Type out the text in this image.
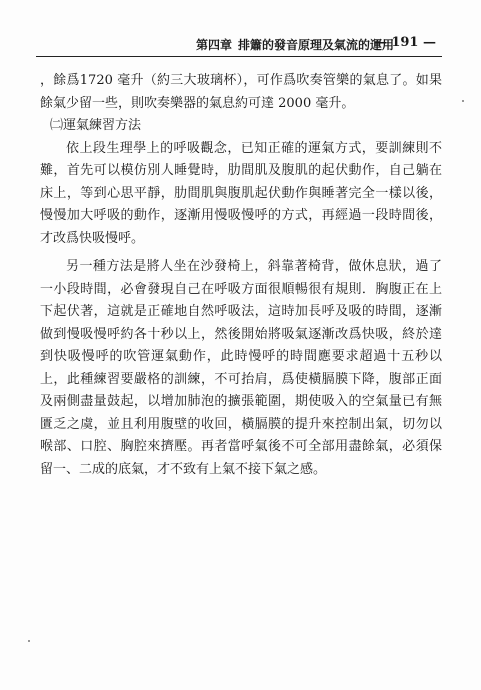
第四章 排簫的發音原理及氣流的運用
— 191 —

，餘爲1720 毫升（約三大玻璃杯），可作爲吹奏管樂的氣息了。如果餘氣少留一些，則吹奏樂器的氣息約可達 2000 毫升。

㈡運氣練習方法

依上段生理學上的呼吸觀念，已知正確的運氣方式，要訓練則不難，首先可以模仿別人睡覺時，肋間肌及腹肌的起伏動作，自己躺在床上，等到心思平靜，肋間肌與腹肌起伏動作與睡著完全一樣以後，慢慢加大呼吸的動作，逐漸用慢吸慢呼的方式，再經過一段時間後，才改爲快吸慢呼。

另一種方法是將人坐在沙發椅上，斜靠著椅背，做休息狀，過了一小段時間，必會發現自己在呼吸方面很順暢很有規則．胸腹正在上下起伏著，這就是正確地自然呼吸法，這時加長呼及吸的時間，逐漸做到慢吸慢呼約各十秒以上，然後開始將吸氣逐漸改爲快吸，終於達到快吸慢呼的吹管運氣動作，此時慢呼的時間應要求超過十五秒以上，此種練習要嚴格的訓練，不可抬肩，爲使橫膈膜下降，腹部正面及兩側盡量鼓起，以增加肺泡的擴張範圍，期使吸入的空氣量已有無匱乏之虞，並且利用腹壁的收回，橫膈膜的提升來控制出氣，切勿以喉部、口腔、胸腔來擠壓。再者當呼氣後不可全部用盡餘氣，必須保留一、二成的底氣，才不致有上氣不接下氣之感。
